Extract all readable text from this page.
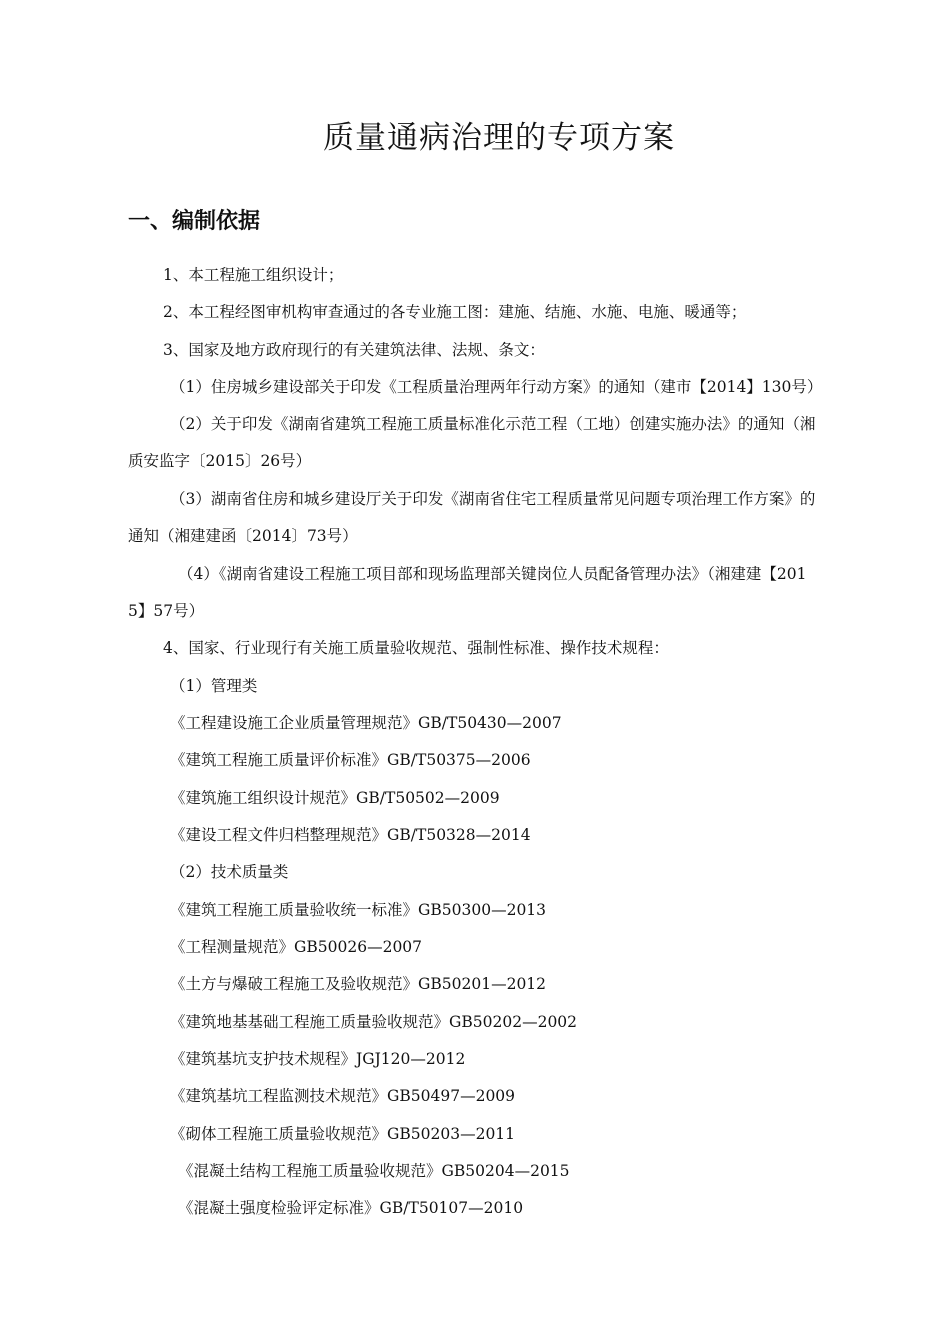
质量通病治理的专项方案
一、编制依据
1、本工程施工组织设计；
2、本工程经图审机构审查通过的各专业施工图：建施、结施、水施、电施、暖通等；
3、国家及地方政府现行的有关建筑法律、法规、条文：
（1）住房城乡建设部关于印发《工程质量治理两年行动方案》的通知（建市【2014】130号）
（2）关于印发《湖南省建筑工程施工质量标准化示范工程（工地）创建实施办法》的通知（湘
质安监字〔2015〕26号）
（3）湖南省住房和城乡建设厅关于印发《湖南省住宅工程质量常见问题专项治理工作方案》的
通知（湘建建函〔2014〕73号）
（4）《湖南省建设工程施工项目部和现场监理部关键岗位人员配备管理办法》（湘建建【201
5】57号）
4、国家、行业现行有关施工质量验收规范、强制性标准、操作技术规程：
（1）管理类
《工程建设施工企业质量管理规范》GB/T50430—2007
《建筑工程施工质量评价标准》GB/T50375—2006
《建筑施工组织设计规范》GB/T50502—2009
《建设工程文件归档整理规范》GB/T50328—2014
（2）技术质量类
《建筑工程施工质量验收统一标准》GB50300—2013
《工程测量规范》GB50026—2007
《土方与爆破工程施工及验收规范》GB50201—2012
《建筑地基基础工程施工质量验收规范》GB50202—2002
《建筑基坑支护技术规程》JGJ120—2012
《建筑基坑工程监测技术规范》GB50497—2009
《砌体工程施工质量验收规范》GB50203—2011
《混凝土结构工程施工质量验收规范》GB50204—2015
《混凝土强度检验评定标准》GB/T50107—2010
